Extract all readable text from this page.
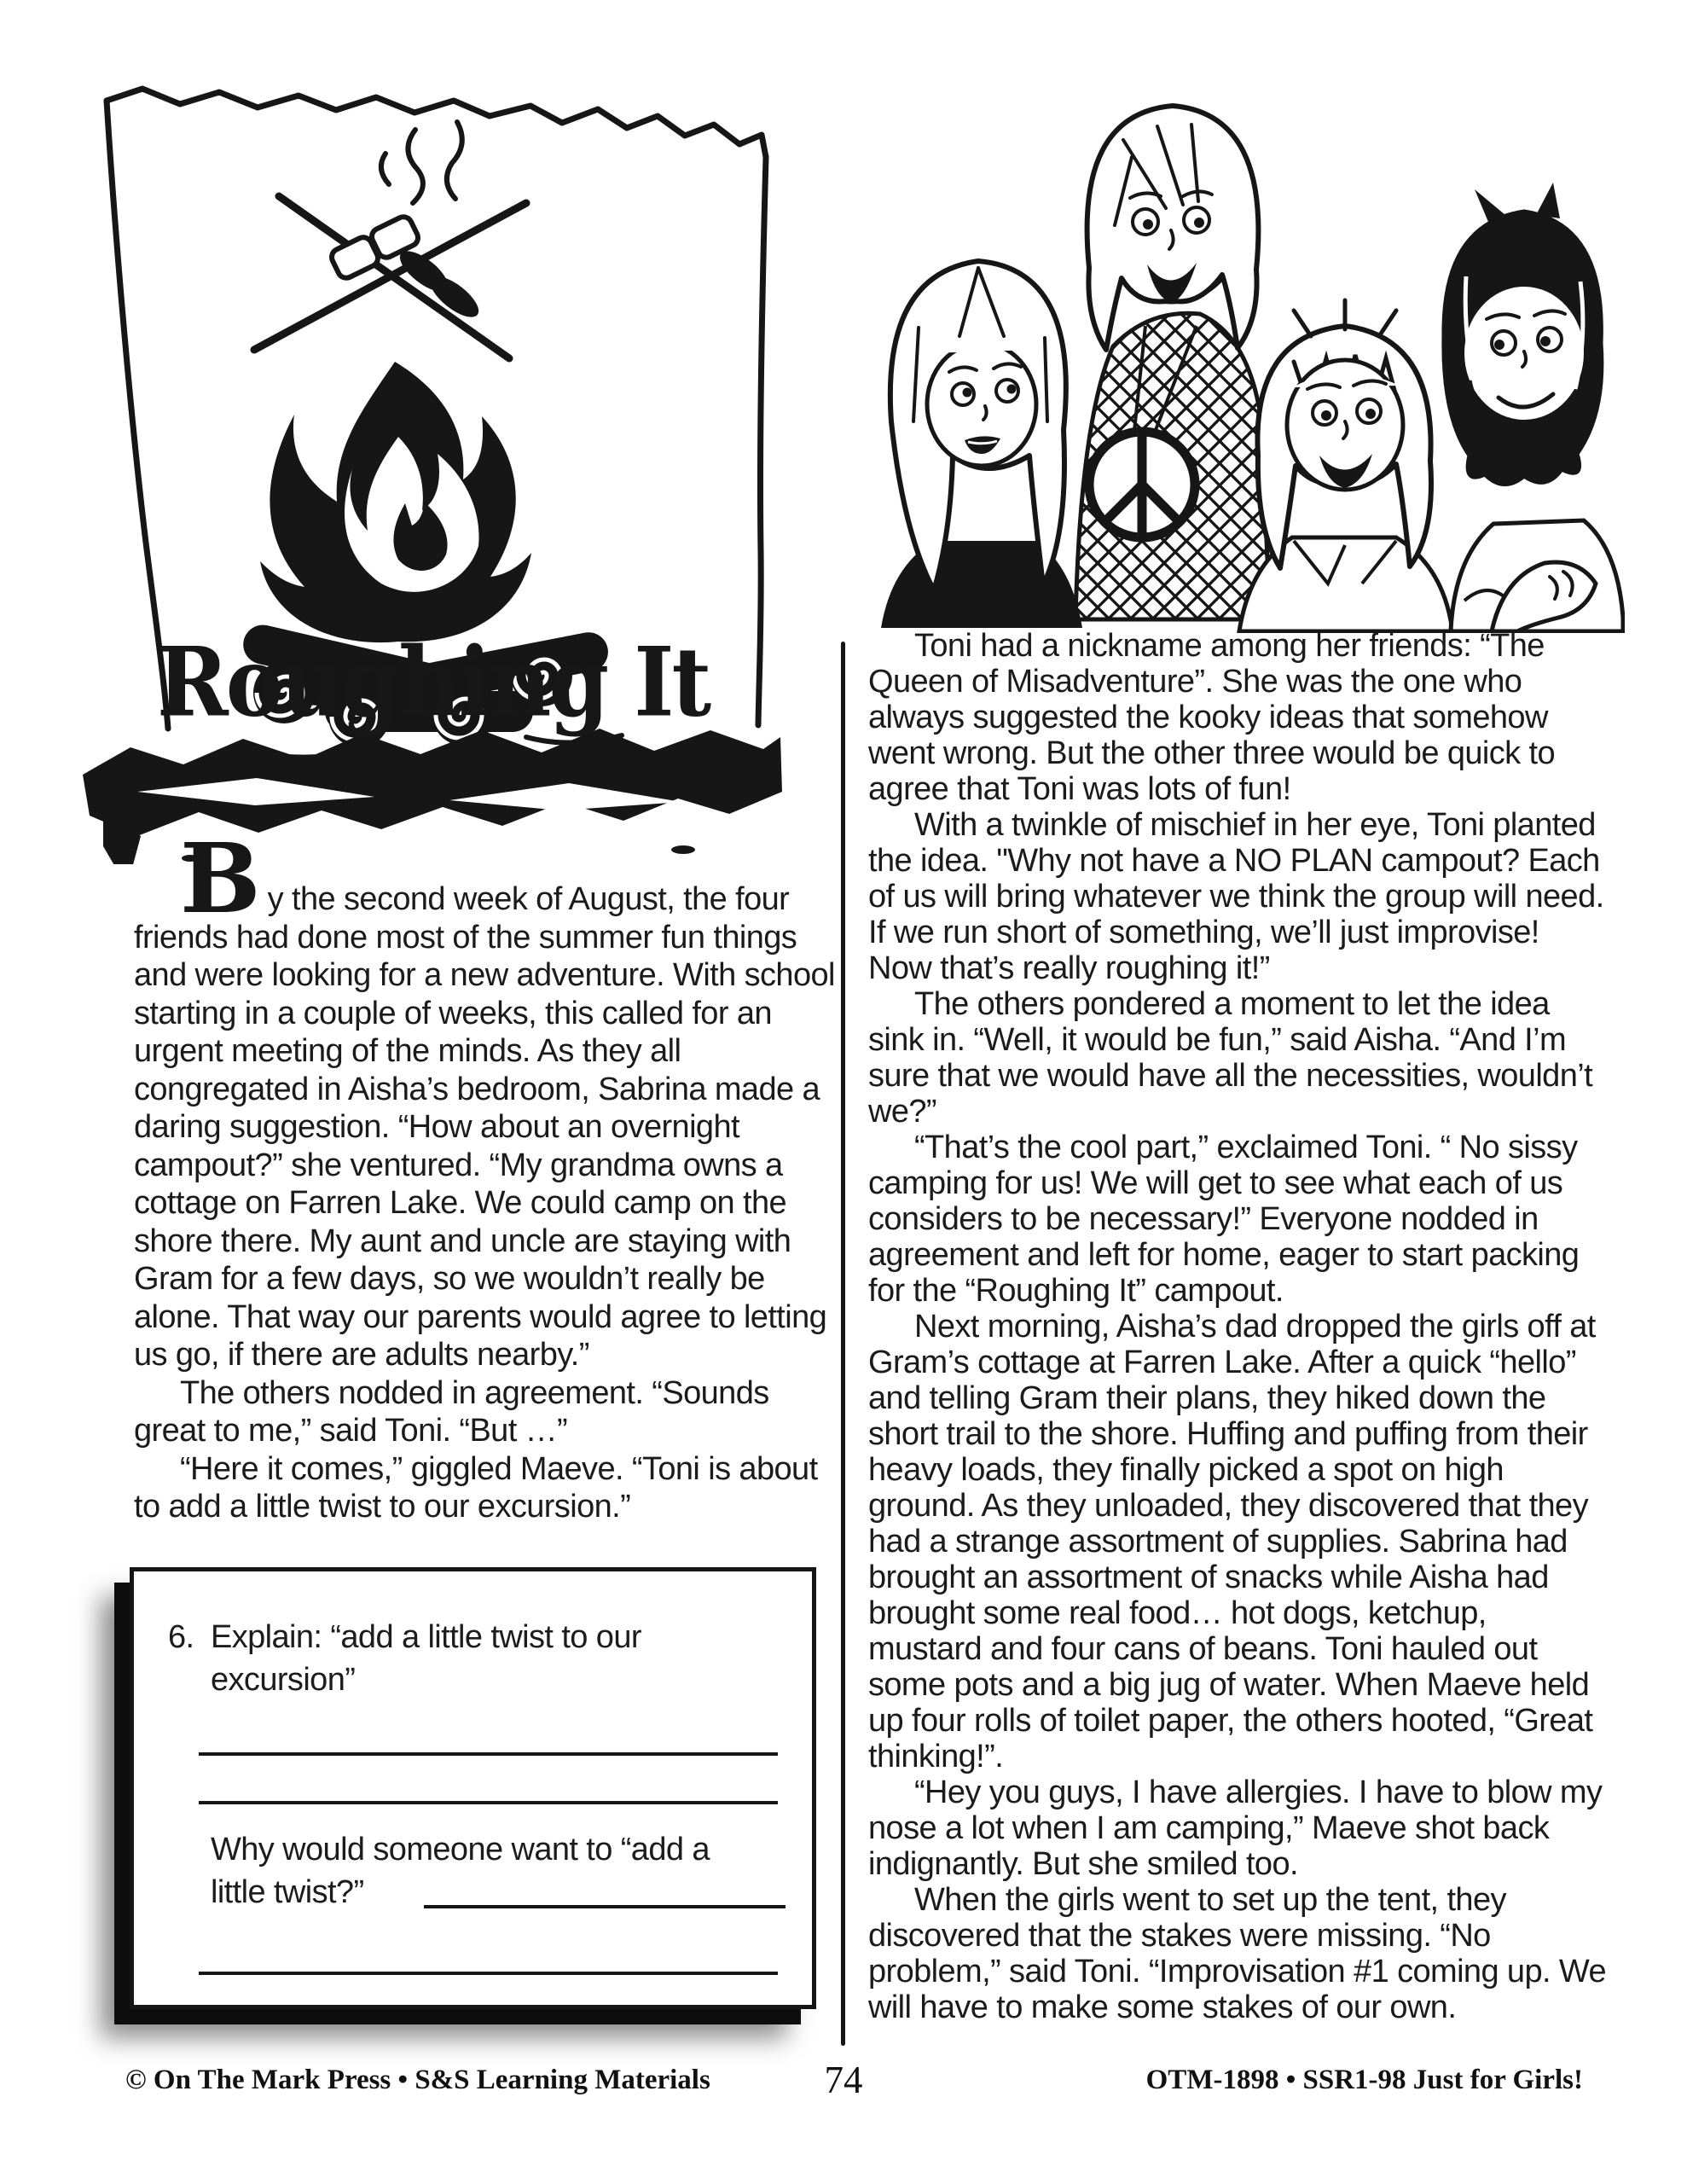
Roughing It

By the second week of August, the four friends had done most of the summer fun things and were looking for a new adventure. With school starting in a couple of weeks, this called for an urgent meeting of the minds. As they all congregated in Aisha’s bedroom, Sabrina made a daring suggestion. “How about an overnight campout?” she ventured. “My grandma owns a cottage on Farren Lake. We could camp on the shore there. My aunt and uncle are staying with Gram for a few days, so we wouldn’t really be alone. That way our parents would agree to letting us go, if there are adults nearby.”

The others nodded in agreement. “Sounds great to me,” said Toni. “But …”

“Here it comes,” giggled Maeve. “Toni is about to add a little twist to our excursion.”

Toni had a nickname among her friends: “The Queen of Misadventure”. She was the one who always suggested the kooky ideas that somehow went wrong. But the other three would be quick to agree that Toni was lots of fun!

With a twinkle of mischief in her eye, Toni planted the idea. "Why not have a NO PLAN campout? Each of us will bring whatever we think the group will need. If we run short of something, we’ll just improvise! Now that’s really roughing it!”

The others pondered a moment to let the idea sink in. “Well, it would be fun,” said Aisha. “And I’m sure that we would have all the necessities, wouldn’t we?”

“That’s the cool part,” exclaimed Toni. “ No sissy camping for us! We will get to see what each of us considers to be necessary!” Everyone nodded in agreement and left for home, eager to start packing for the “Roughing It” campout.

Next morning, Aisha’s dad dropped the girls off at Gram’s cottage at Farren Lake. After a quick “hello” and telling Gram their plans, they hiked down the short trail to the shore. Huffing and puffing from their heavy loads, they finally picked a spot on high ground. As they unloaded, they discovered that they had a strange assortment of supplies. Sabrina had brought an assortment of snacks while Aisha had brought some real food… hot dogs, ketchup, mustard and four cans of beans. Toni hauled out some pots and a big jug of water. When Maeve held up four rolls of toilet paper, the others hooted, “Great thinking!”.

“Hey you guys, I have allergies. I have to blow my nose a lot when I am camping,” Maeve shot back indignantly. But she smiled too.

When the girls went to set up the tent, they discovered that the stakes were missing. “No problem,” said Toni. “Improvisation #1 coming up. We will have to make some stakes of our own.

6. Explain: “add a little twist to our excursion”
Why would someone want to “add a little twist?”
© On The Mark Press • S&S Learning Materials	74	OTM-1898 • SSR1-98 Just for Girls!
